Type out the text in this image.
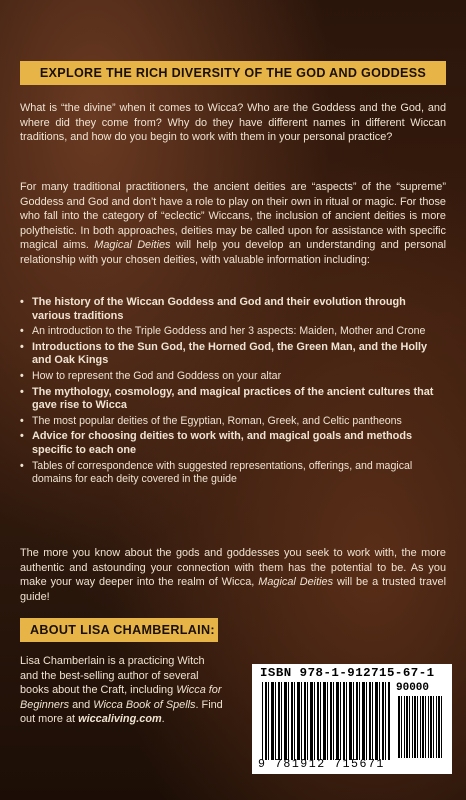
EXPLORE THE RICH DIVERSITY OF THE GOD AND GODDESS

What is “the divine” when it comes to Wicca? Who are the Goddess and the God, and where did they come from? Why do they have different names in different Wiccan traditions, and how do you begin to work with them in your personal practice?

For many traditional practitioners, the ancient deities are “aspects” of the “supreme” Goddess and God and don’t have a role to play on their own in ritual or magic. For those who fall into the category of “eclectic” Wiccans, the inclusion of ancient deities is more polytheistic. In both approaches, deities may be called upon for assistance with specific magical aims. Magical Deities will help you develop an understanding and personal relationship with your chosen deities, with valuable information including:

• The history of the Wiccan Goddess and God and their evolution through various traditions
• An introduction to the Triple Goddess and her 3 aspects: Maiden, Mother and Crone
• Introductions to the Sun God, the Horned God, the Green Man, and the Holly and Oak Kings
• How to represent the God and Goddess on your altar
• The mythology, cosmology, and magical practices of the ancient cultures that gave rise to Wicca
• The most popular deities of the Egyptian, Roman, Greek, and Celtic pantheons
• Advice for choosing deities to work with, and magical goals and methods specific to each one
• Tables of correspondence with suggested representations, offerings, and magical domains for each deity covered in the guide

The more you know about the gods and goddesses you seek to work with, the more authentic and astounding your connection with them has the potential to be. As you make your way deeper into the realm of Wicca, Magical Deities will be a trusted travel guide!

ABOUT LISA CHAMBERLAIN:

Lisa Chamberlain is a practicing Witch and the best-selling author of several books about the Craft, including Wicca for Beginners and Wicca Book of Spells. Find out more at wiccaliving.com.

ISBN 978-1-912715-67-1
90000
9 781912 715671
